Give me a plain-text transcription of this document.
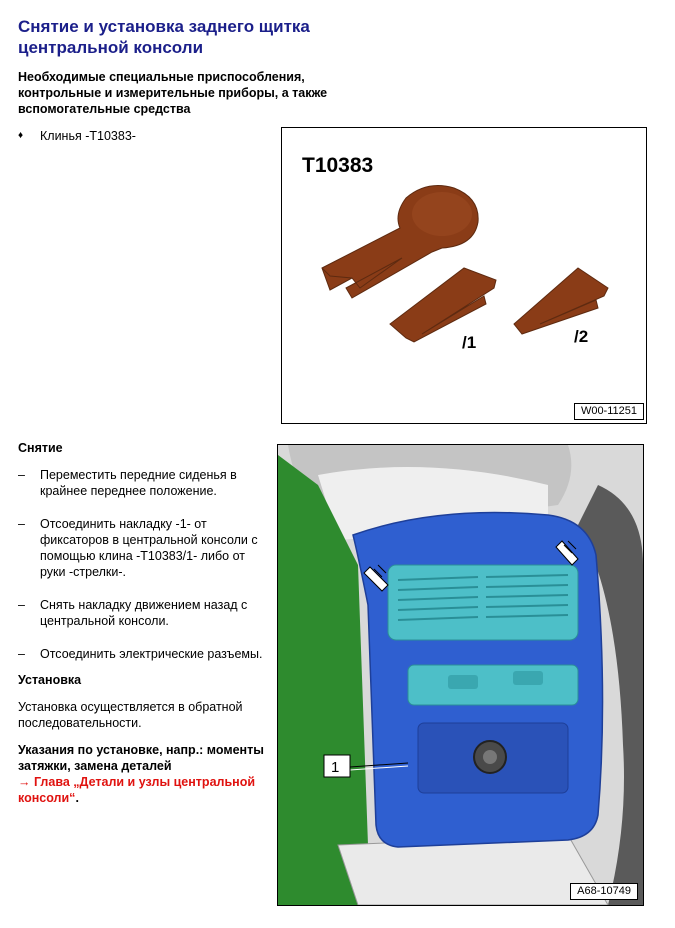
Снятие и установка заднего щитка центральной консоли

Необходимые специальные приспособления, контрольные и измерительные приборы, а также вспомогательные средства

♦	Клинья -T10383-
T10383
/1	/2
W00-11251

Снятие

–	Переместить передние сиденья в крайнее переднее положение.
–	Отсоединить накладку -1- от фиксаторов в центральной консоли с помощью клина -T10383/1- либо от руки -стрелки-.
–	Снять накладку движением назад с центральной консоли.
–	Отсоединить электрические разъемы.

Установка

Установка осуществляется в обратной последовательности.

Указания по установке, напр.: моменты затяжки, замена деталей
→ Глава „Детали и узлы центральной консоли“.

1
A68-10749
